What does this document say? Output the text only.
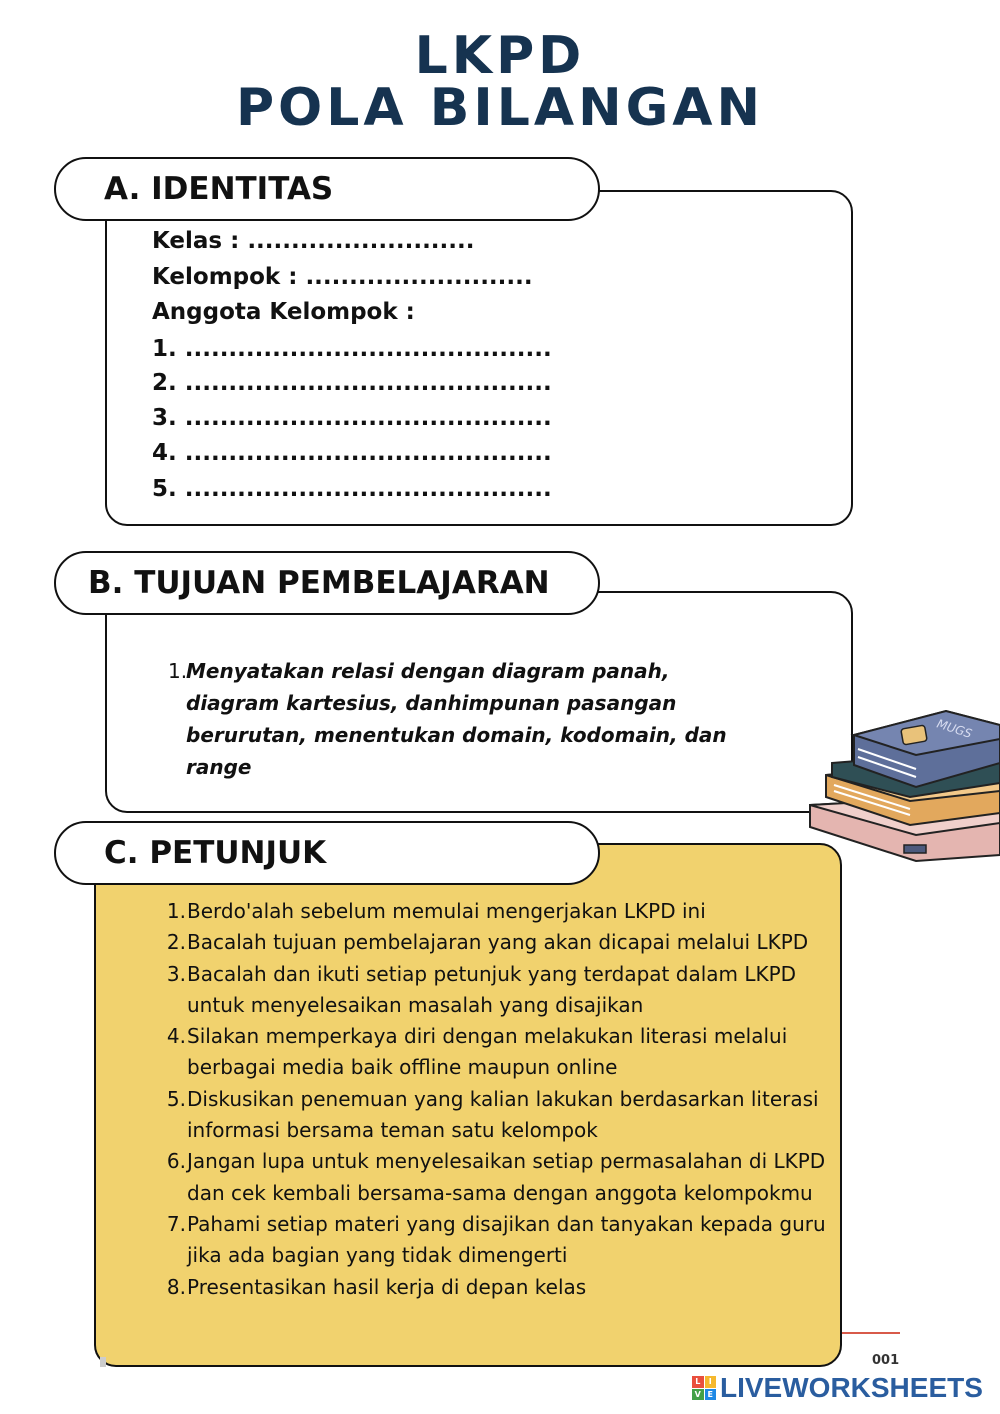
LKPD
POLA BILANGAN
A. IDENTITAS
Kelas : ..........................
Kelompok : ..........................
Anggota Kelompok :
1. ..........................................
2. ..........................................
3. ..........................................
4. ..........................................
5. ..........................................
B. TUJUAN PEMBELAJARAN
1.
Menyatakan relasi dengan diagram panah, diagram kartesius, danhimpunan pasangan berurutan, menentukan domain, kodomain, dan range
MUGS
C. PETUNJUK
1. Berdo'alah sebelum memulai mengerjakan LKPD ini
2. Bacalah tujuan pembelajaran yang akan dicapai melalui LKPD
3. Bacalah dan ikuti setiap petunjuk yang terdapat dalam LKPD untuk menyelesaikan masalah yang disajikan
4. Silakan memperkaya diri dengan melakukan literasi melalui berbagai media baik offline maupun online
5. Diskusikan penemuan yang kalian lakukan berdasarkan literasi informasi bersama teman satu kelompok
6. Jangan lupa untuk menyelesaikan setiap permasalahan di LKPD dan cek kembali bersama-sama dengan anggota kelompokmu
7. Pahami setiap materi yang disajikan dan tanyakan kepada guru jika ada bagian yang tidak dimengerti
8. Presentasikan hasil kerja di depan kelas
001
L	I
V E LIVEWORKSHEETS
